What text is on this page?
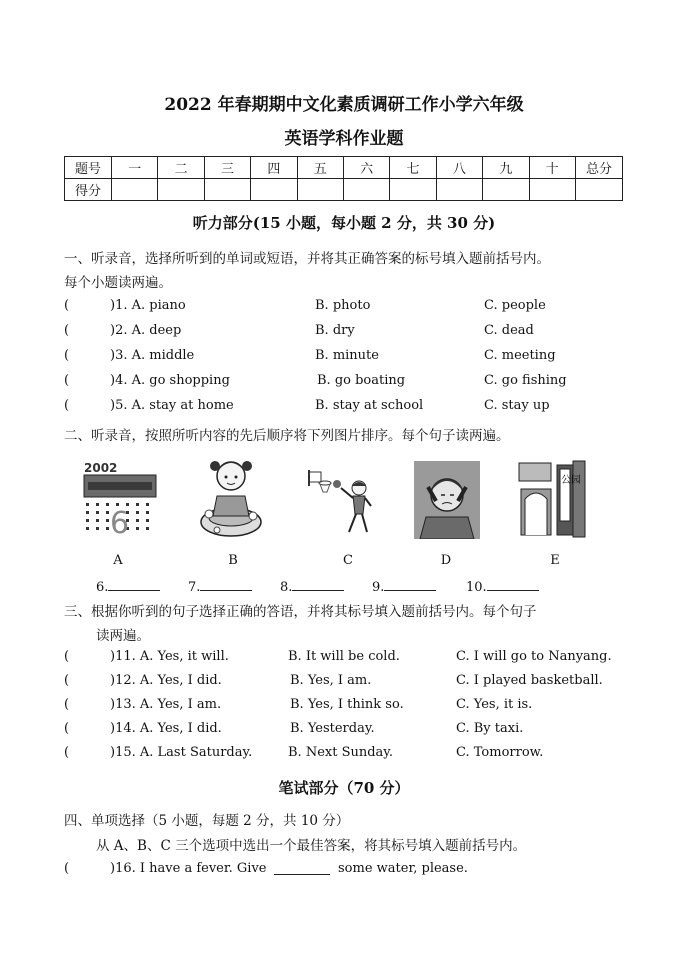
2022 年春期期中文化素质调研工作小学六年级
英语学科作业题
题号	一	二	三	四	五	六	七	八	九	十	总分
得分											
听力部分(15 小题，每小题 2 分，共 30 分)
一、听录音，选择所听到的单词或短语，并将其正确答案的标号填入题前括号内。
每个小题读两遍。
(	)1. A. piano	B. photo	C. people
(	)2. A. deep	B. dry	C. dead
(	)3. A. middle	B. minute	C. meeting
(	)4. A. go shopping	B. go boating	C. go fishing
(	)5. A. stay at home	B. stay at school	C. stay up
二、听录音，按照所听内容的先后顺序将下列图片排序。每个句子读两遍。
2002
6
公园
A	B	C	D	E
6.	7.	8.	9.	10.
三、根据你听到的句子选择正确的答语，并将其标号填入题前括号内。每个句子
读两遍。
(	)11. A. Yes, it will.	B. It will be cold.	C. I will go to Nanyang.
(	)12. A. Yes, I did.	B. Yes, I am.	C. I played basketball.
(	)13. A. Yes, I am.	B. Yes, I think so.	C. Yes, it is.
(	)14. A. Yes, I did.	B. Yesterday.	C. By taxi.
(	)15. A. Last Saturday.	B. Next Sunday.	C. Tomorrow.
笔试部分（70 分）
四、单项选择（5 小题，每题 2 分，共 10 分）
从 A、B、C 三个选项中选出一个最佳答案，将其标号填入题前括号内。
(	)16. I have a fever. Give	some water, please.
